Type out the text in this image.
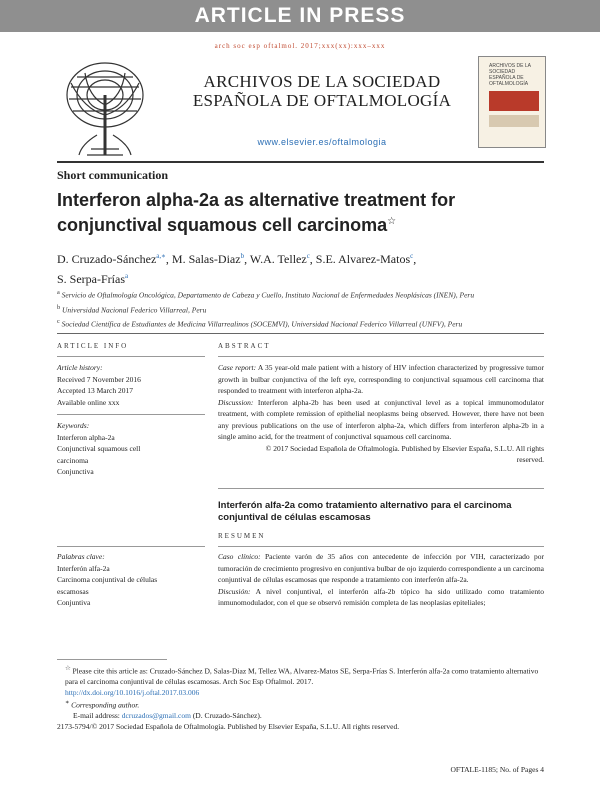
ARTICLE IN PRESS
arch soc esp oftalmol. 2017;xxx(xx):xxx–xxx
ARCHIVOS DE LA SOCIEDAD
ESPAÑOLA DE OFTALMOLOGÍA
www.elsevier.es/oftalmologia
ARCHIVOS DE LA SOCIEDAD ESPAÑOLA DE OFTALMOLOGÍA
Short communication
Interferon alpha-2a as alternative treatment for
conjunctival squamous cell carcinoma☆
D. Cruzado-Sánchez$^{a,∗}$, M. Salas-Diaz$^b$, W.A. Tellez$^c$, S.E. Alvarez-Matos$^c$,
S. Serpa-Frías$^a$
$^a$ Servicio de Oftalmología Oncológica, Departamento de Cabeza y Cuello, Instituto Nacional de Enfermedades Neoplásicas (INEN), Peru
$^b$ Universidad Nacional Federico Villarreal, Peru
$^c$ Sociedad Científica de Estudiantes de Medicina Villarrealinos (SOCEMVI), Universidad Nacional Federico Villarreal (UNFV), Peru
ARTICLE INFO
Article history:
Received 7 November 2016
Accepted 13 March 2017
Available online xxx
Keywords:
Interferon alpha-2a
Conjunctival squamous cell
carcinoma
Conjunctiva
Palabras clave:
Interferón alfa-2a
Carcinoma conjuntival de células
escamosas
Conjuntiva
ABSTRACT

Case report: A 35 year-old male patient with a history of HIV infection characterized by progressive tumor growth in bulbar conjunctiva of the left eye, corresponding to conjunctival squamous cell carcinoma that responded to treatment with interferon alpha-2a.

Discussion: Interferon alpha-2b has been used at conjunctival level as a topical immunomodulator treatment, with complete remission of epithelial neoplasms being observed. However, there have not been any previous publications on the use of interferon alpha-2a, which differs from interferon alpha-2b in a single amino acid, for the treatment of conjunctival squamous cell carcinoma.

© 2017 Sociedad Española de Oftalmología. Published by Elsevier España, S.L.U. All rights reserved.

Interferón alfa-2a como tratamiento alternativo para el carcinoma
conjuntival de células escamosas
RESUMEN

Caso clínico: Paciente varón de 35 años con antecedente de infección por VIH, caracterizado por tumoración de crecimiento progresivo en conjuntiva bulbar de ojo izquierdo correspondiente a un carcinoma conjuntival de células escamosas que responde a tratamiento con interferón alfa-2a.

Discusión: A nivel conjuntival, el interferón alfa-2b tópico ha sido utilizado como tratamiento inmunomodulador, con el que se observó remisión completa de las neoplasias epiteliales;

☆ Please cite this article as: Cruzado-Sánchez D, Salas-Diaz M, Tellez WA, Alvarez-Matos SE, Serpa-Frías S. Interferón alfa-2a como tratamiento alternativo para el carcinoma conjuntival de células escamosas. Arch Soc Esp Oftalmol. 2017.

http://dx.doi.org/10.1016/j.oftal.2017.03.006

∗ Corresponding author.

E-mail address: dcruzados@gmail.com (D. Cruzado-Sánchez).

2173-5794/© 2017 Sociedad Española de Oftalmología. Published by Elsevier España, S.L.U. All rights reserved.

OFTALE-1185; No. of Pages 4
